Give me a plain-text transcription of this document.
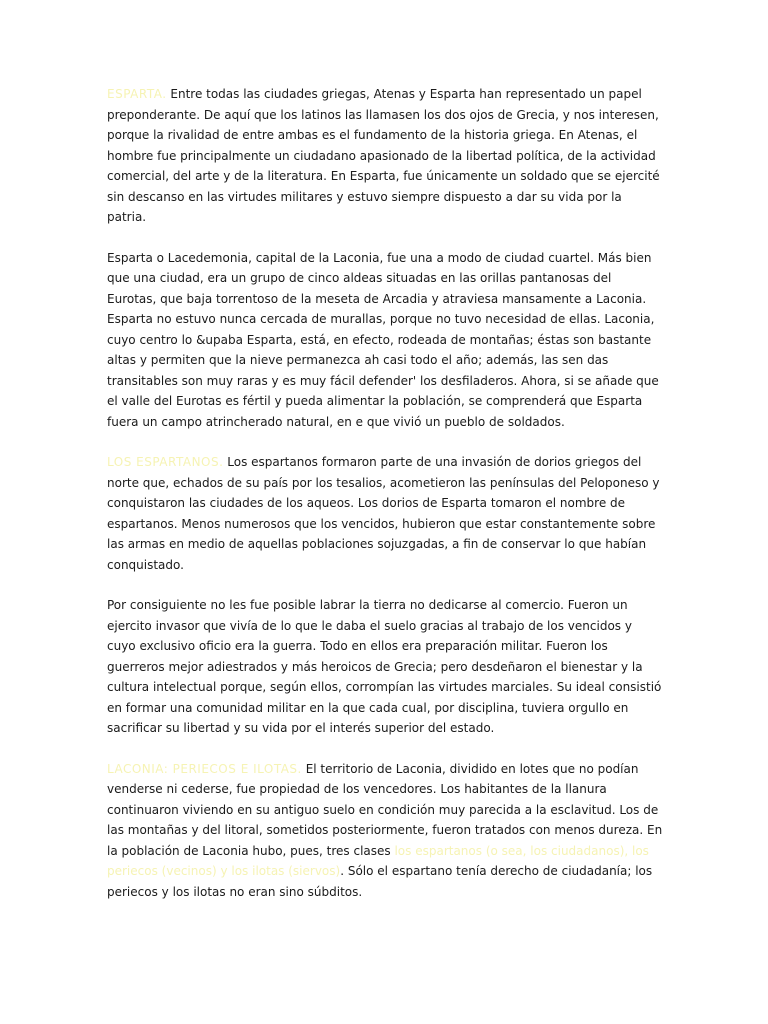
ESPARTA. Entre todas las ciudades griegas, Atenas y Esparta han representado un papel preponderante. De aquí que los latinos las llamasen los dos ojos de Grecia, y nos interesen, porque la rivalidad de entre ambas es el fundamento de la historia griega. En Atenas, el hombre fue principalmente un ciudadano apasionado de la libertad política, de la actividad comercial, del arte y de la literatura. En Esparta, fue únicamente un soldado que se ejercité sin descanso en las virtudes militares y estuvo siempre dispuesto a dar su vida por la patria.

Esparta o Lacedemonia, capital de la Laconia, fue una a modo de ciudad cuartel. Más bien que una ciudad, era un grupo de cinco aldeas situadas en las orillas pantanosas del Eurotas, que baja torrentoso de la meseta de Arcadia y atraviesa mansamente a Laconia. Esparta no estuvo nunca cercada de murallas, porque no tuvo necesidad de ellas. Laconia, cuyo centro lo &upaba Esparta, está, en efecto, rodeada de montañas; éstas son bastante altas y permiten que la nieve permanezca ah casi todo el año; además, las sen das transitables son muy raras y es muy fácil defender' los desfiladeros. Ahora, si se añade que el valle del Eurotas es fértil y pueda alimentar la población, se comprenderá que Esparta fuera un campo atrincherado natural, en e que vivió un pueblo de soldados.

LOS ESPARTANOS. Los espartanos formaron parte de una invasión de dorios griegos del norte que, echados de su país por los tesalios, acometieron las penínsulas del Peloponeso y conquistaron las ciudades de los aqueos. Los dorios de Esparta tomaron el nombre de espartanos. Menos numerosos que los vencidos, hubieron que estar constantemente sobre las armas en medio de aquellas poblaciones sojuzgadas, a fin de conservar lo que habían conquistado.

Por consiguiente no les fue posible labrar la tierra no dedicarse al comercio. Fueron un ejercito invasor que vivía de lo que le daba el suelo gracias al trabajo de los vencidos y cuyo exclusivo oficio era la guerra. Todo en ellos era preparación militar. Fueron los guerreros mejor adiestrados y más heroicos de Grecia; pero desdeñaron el bienestar y la cultura intelectual porque, según ellos, corrompían las virtudes marciales. Su ideal consistió en formar una comunidad militar en la que cada cual, por disciplina, tuviera orgullo en sacrificar su libertad y su vida por el interés superior del estado.

LACONIA: PERIECOS E ILOTAS. El territorio de Laconia, dividido en lotes que no podían venderse ni cederse, fue propiedad de los vencedores. Los habitantes de la llanura continuaron viviendo en su antiguo suelo en condición muy parecida a la esclavitud. Los de las montañas y del litoral, sometidos posteriormente, fueron tratados con menos dureza. En la población de Laconia hubo, pues, tres clases los espartanos (o sea, los ciudadanos), los periecos (vecinos) y los ilotas (siervos). Sólo el espartano tenía derecho de ciudadanía; los periecos y los ilotas no eran sino súbditos.
